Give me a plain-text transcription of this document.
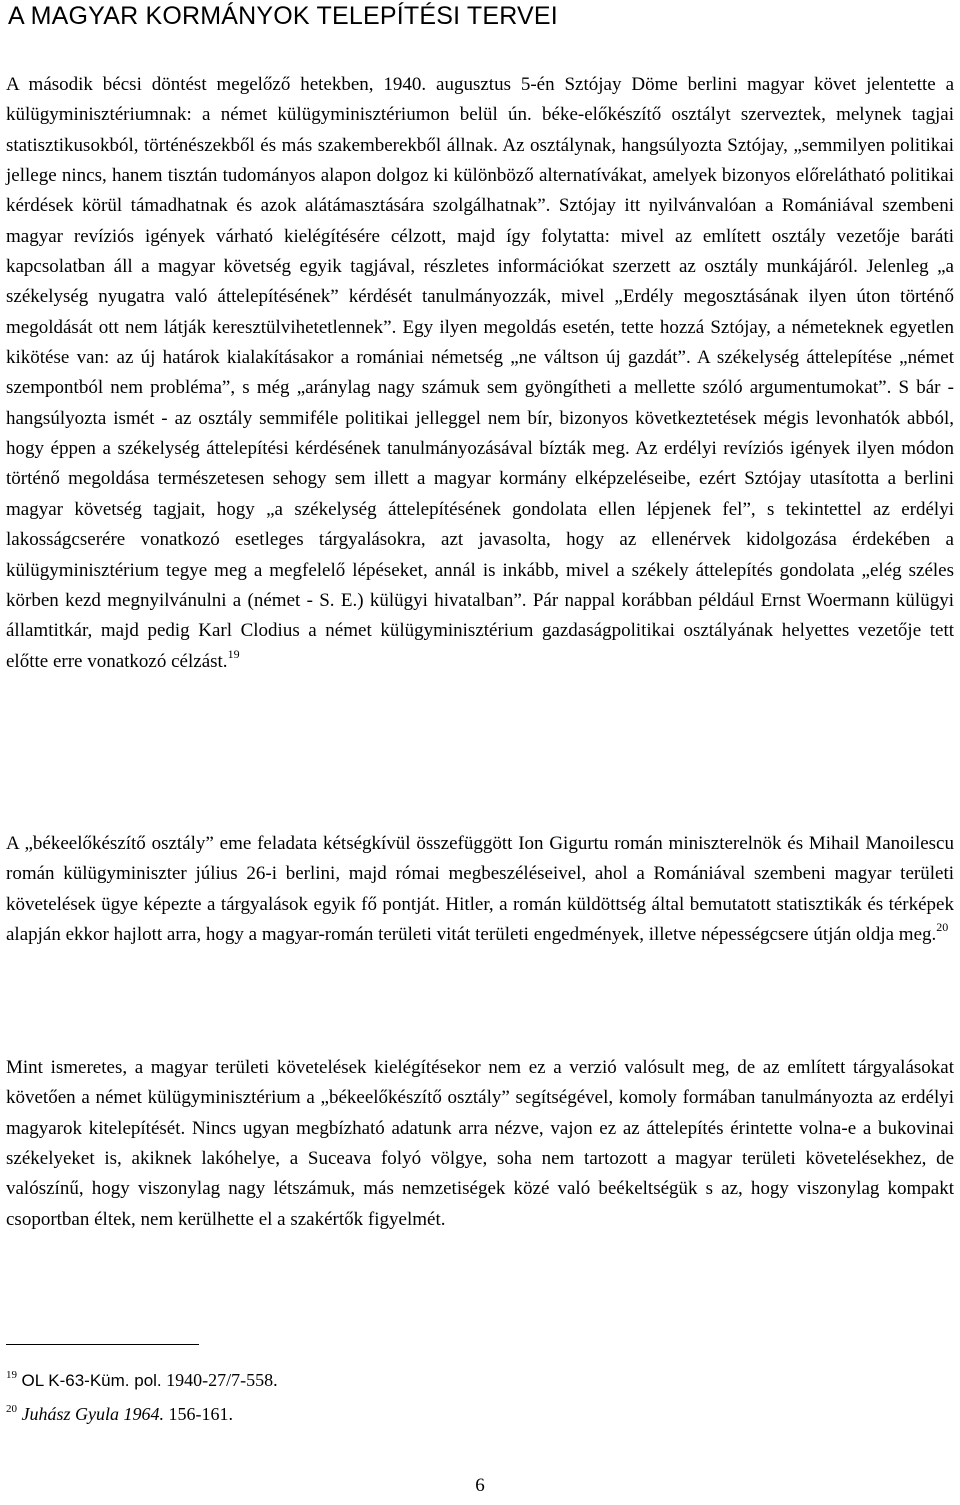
A MAGYAR KORMÁNYOK TELEPÍTÉSI TERVEI

A második bécsi döntést megelőző hetekben, 1940. augusztus 5-én Sztójay Döme berlini magyar követ jelentette a külügyminisztériumnak: a német külügyminisztériumon belül ún. béke-előkészítő osztályt szerveztek, melynek tagjai statisztikusokból, történészekből és más szakemberekből állnak. Az osztálynak, hangsúlyozta Sztójay, „semmilyen politikai jellege nincs, hanem tisztán tudományos alapon dolgoz ki különböző alternatívákat, amelyek bizonyos előrelátható politikai kérdések körül támadhatnak és azok alátámasztására szolgálhatnak”. Sztójay itt nyilvánvalóan a Romániával szembeni magyar revíziós igények várható kielégítésére célzott, majd így folytatta: mivel az említett osztály vezetője baráti kapcsolatban áll a magyar követség egyik tagjával, részletes információkat szerzett az osztály munkájáról. Jelenleg „a székelység nyugatra való áttelepítésének” kérdését tanulmányozzák, mivel „Erdély megosztásának ilyen úton történő megoldását ott nem látják keresztülvihetetlennek”. Egy ilyen megoldás esetén, tette hozzá Sztójay, a németeknek egyetlen kikötése van: az új határok kialakításakor a romániai németség „ne váltson új gazdát”. A székelység áttelepítése „német szempontból nem probléma”, s még „aránylag nagy számuk sem gyöngítheti a mellette szóló argumentumokat”. S bár - hangsúlyozta ismét - az osztály semmiféle politikai jelleggel nem bír, bizonyos következtetések mégis levonhatók abból, hogy éppen a székelység áttelepítési kérdésének tanulmányozásával bízták meg. Az erdélyi revíziós igények ilyen módon történő megoldása természetesen sehogy sem illett a magyar kormány elképzeléseibe, ezért Sztójay utasította a berlini magyar követség tagjait, hogy „a székelység áttelepítésének gondolata ellen lépjenek fel”, s tekintettel az erdélyi lakosságcserére vonatkozó esetleges tárgyalásokra, azt javasolta, hogy az ellenérvek kidolgozása érdekében a külügyminisztérium tegye meg a megfelelő lépéseket, annál is inkább, mivel a székely áttelepítés gondolata „elég széles körben kezd megnyilvánulni a (német - S. E.) külügyi hivatalban”. Pár nappal korábban például Ernst Woermann külügyi államtitkár, majd pedig Karl Clodius a német külügyminisztérium gazdaságpolitikai osztályának helyettes vezetője tett előtte erre vonatkozó célzást.$^{19}$

A „békeelőkészítő osztály” eme feladata kétségkívül összefüggött Ion Gigurtu román miniszterelnök és Mihail Manoilescu román külügyminiszter július 26-i berlini, majd római megbeszéléseivel, ahol a Romániával szembeni magyar területi követelések ügye képezte a tárgyalások egyik fő pontját. Hitler, a román küldöttség által bemutatott statisztikák és térképek alapján ekkor hajlott arra, hogy a magyar-román területi vitát területi engedmények, illetve népességcsere útján oldja meg.$^{20}$

Mint ismeretes, a magyar területi követelések kielégítésekor nem ez a verzió valósult meg, de az említett tárgyalásokat követően a német külügyminisztérium a „békeelőkészítő osztály” segítségével, komoly formában tanulmányozta az erdélyi magyarok kitelepítését. Nincs ugyan megbízható adatunk arra nézve, vajon ez az áttelepítés érintette volna-e a bukovinai székelyeket is, akiknek lakóhelye, a Suceava folyó völgye, soha nem tartozott a magyar területi követelésekhez, de valószínű, hogy viszonylag nagy létszámuk, más nemzetiségek közé való beékeltségük s az, hogy viszonylag kompakt csoportban éltek, nem kerülhette el a szakértők figyelmét.

$^{19}$ OL K-63-Küm. pol. 1940-27/7-558.
$^{20}$ Juhász Gyula 1964. 156-161.
6
